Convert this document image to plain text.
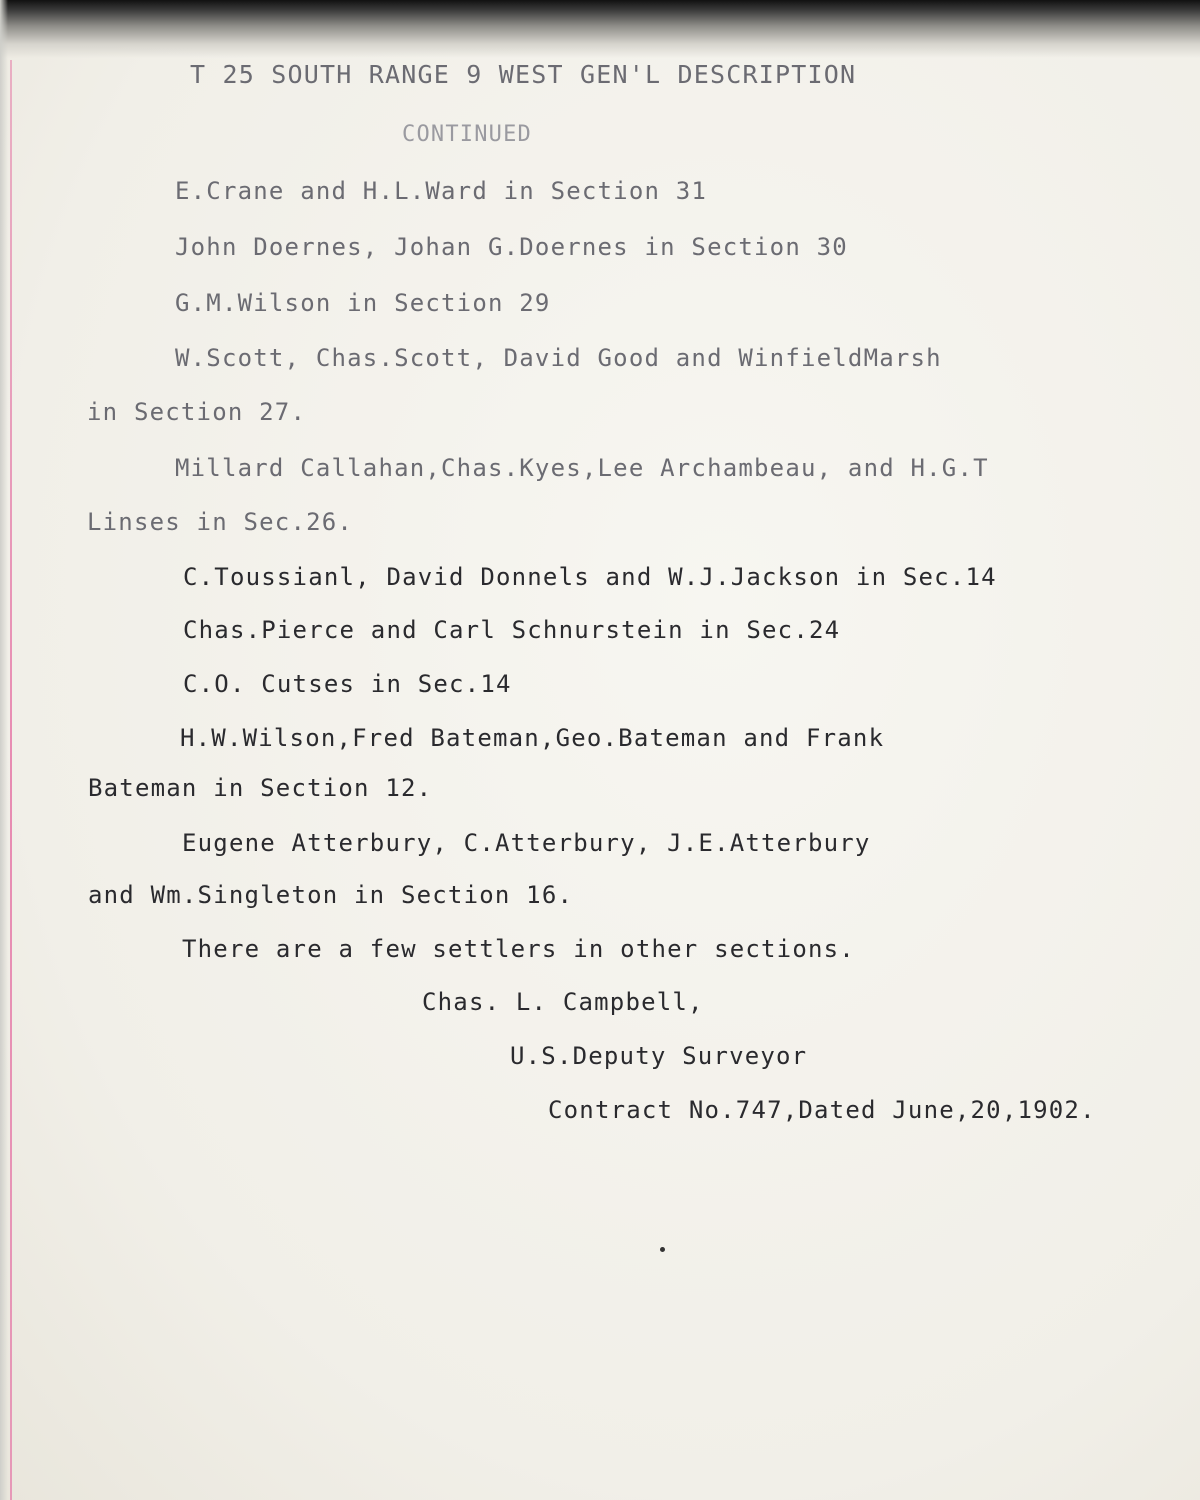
T 25 SOUTH RANGE 9 WEST GEN'L DESCRIPTION
CONTINUED
E.Crane and H.L.Ward in Section 31
John Doernes, Johan G.Doernes in Section 30
G.M.Wilson in Section 29
W.Scott, Chas.Scott, David Good and WinfieldMarsh
in Section 27.
Millard Callahan,Chas.Kyes,Lee Archambeau, and H.G.T
Linses in Sec.26.
C.Toussianl, David Donnels and W.J.Jackson in Sec.14
Chas.Pierce and Carl Schnurstein in Sec.24
C.O. Cutses in Sec.14
H.W.Wilson,Fred Bateman,Geo.Bateman and Frank
Bateman in Section 12.
Eugene Atterbury, C.Atterbury, J.E.Atterbury
and Wm.Singleton in Section 16.
There are a few settlers in other sections.
Chas. L. Campbell,
U.S.Deputy Surveyor
Contract No.747,Dated June,20,1902.
